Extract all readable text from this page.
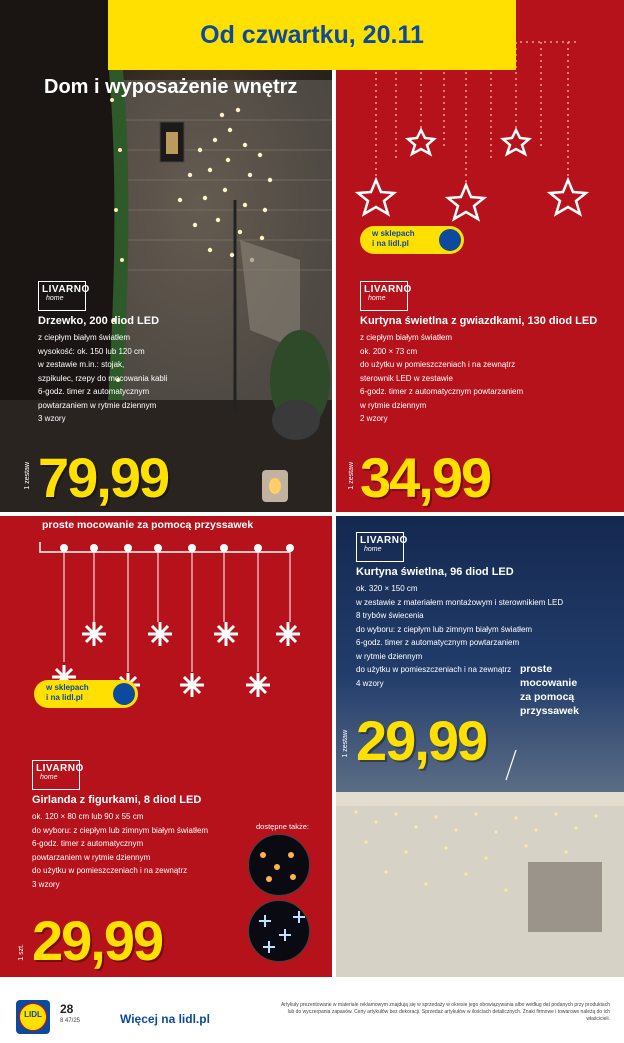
Dom i wyposażenie wnętrz
LIVARNO
home
Drzewko, 200 diod LED
z ciepłym białym światłem
wysokość: ok. 150 lub 120 cm
w zestawie m.in.: stojak,
szpikulec, rzepy do mocowania kabli
6-godz. timer z automatycznym
powtarzaniem w rytmie dziennym
3 wzory
1 zestaw 79,99
w sklepach
i na lidl.pl
LIVARNO
home
Kurtyna świetlna z gwiazdkami, 130 diod LED
z ciepłym białym światłem
ok. 200 × 73 cm
do użytku w pomieszczeniach i na zewnątrz
sterownik LED w zestawie
6-godz. timer z automatycznym powtarzaniem
w rytmie dziennym
2 wzory
1 zestaw 34,99
proste mocowanie za pomocą przyssawek
w sklepach
i na lidl.pl
LIVARNO
home
Girlanda z figurkami, 8 diod LED
ok. 120 × 80 cm lub 90 x 55 cm
do wyboru: z ciepłym lub zimnym białym światłem
6-godz. timer z automatycznym
powtarzaniem w rytmie dziennym
do użytku w pomieszczeniach i na zewnątrz
3 wzory
dostępne także:
1 szt. 29,99
LIVARNO
home
Kurtyna świetlna, 96 diod LED
ok. 320 × 150 cm
w zestawie z materiałem montażowym i sterownikiem LED
8 trybów świecenia
do wyboru: z ciepłym lub zimnym białym światłem
6-godz. timer z automatycznym powtarzaniem
w rytmie dziennym
do użytku w pomieszczeniach i na zewnątrz
4 wzory
1 zestaw 29,99
proste
mocowanie
za pomocą
przyssawek
Od czwartku, 20.11
LIDL	28
8 47/25	Więcej na lidl.pl
Artykuły prezentowane w materiale reklamowym znajdują się w sprzedaży w okresie jego obowiązywania albo według dat podanych przy produktach lub do wyczerpania zapasów. Ceny artykułów bez dekoracji. Sprzedaż artykułów w ilościach detalicznych. Znaki firmowe i towarowe należą do ich właścicieli.
